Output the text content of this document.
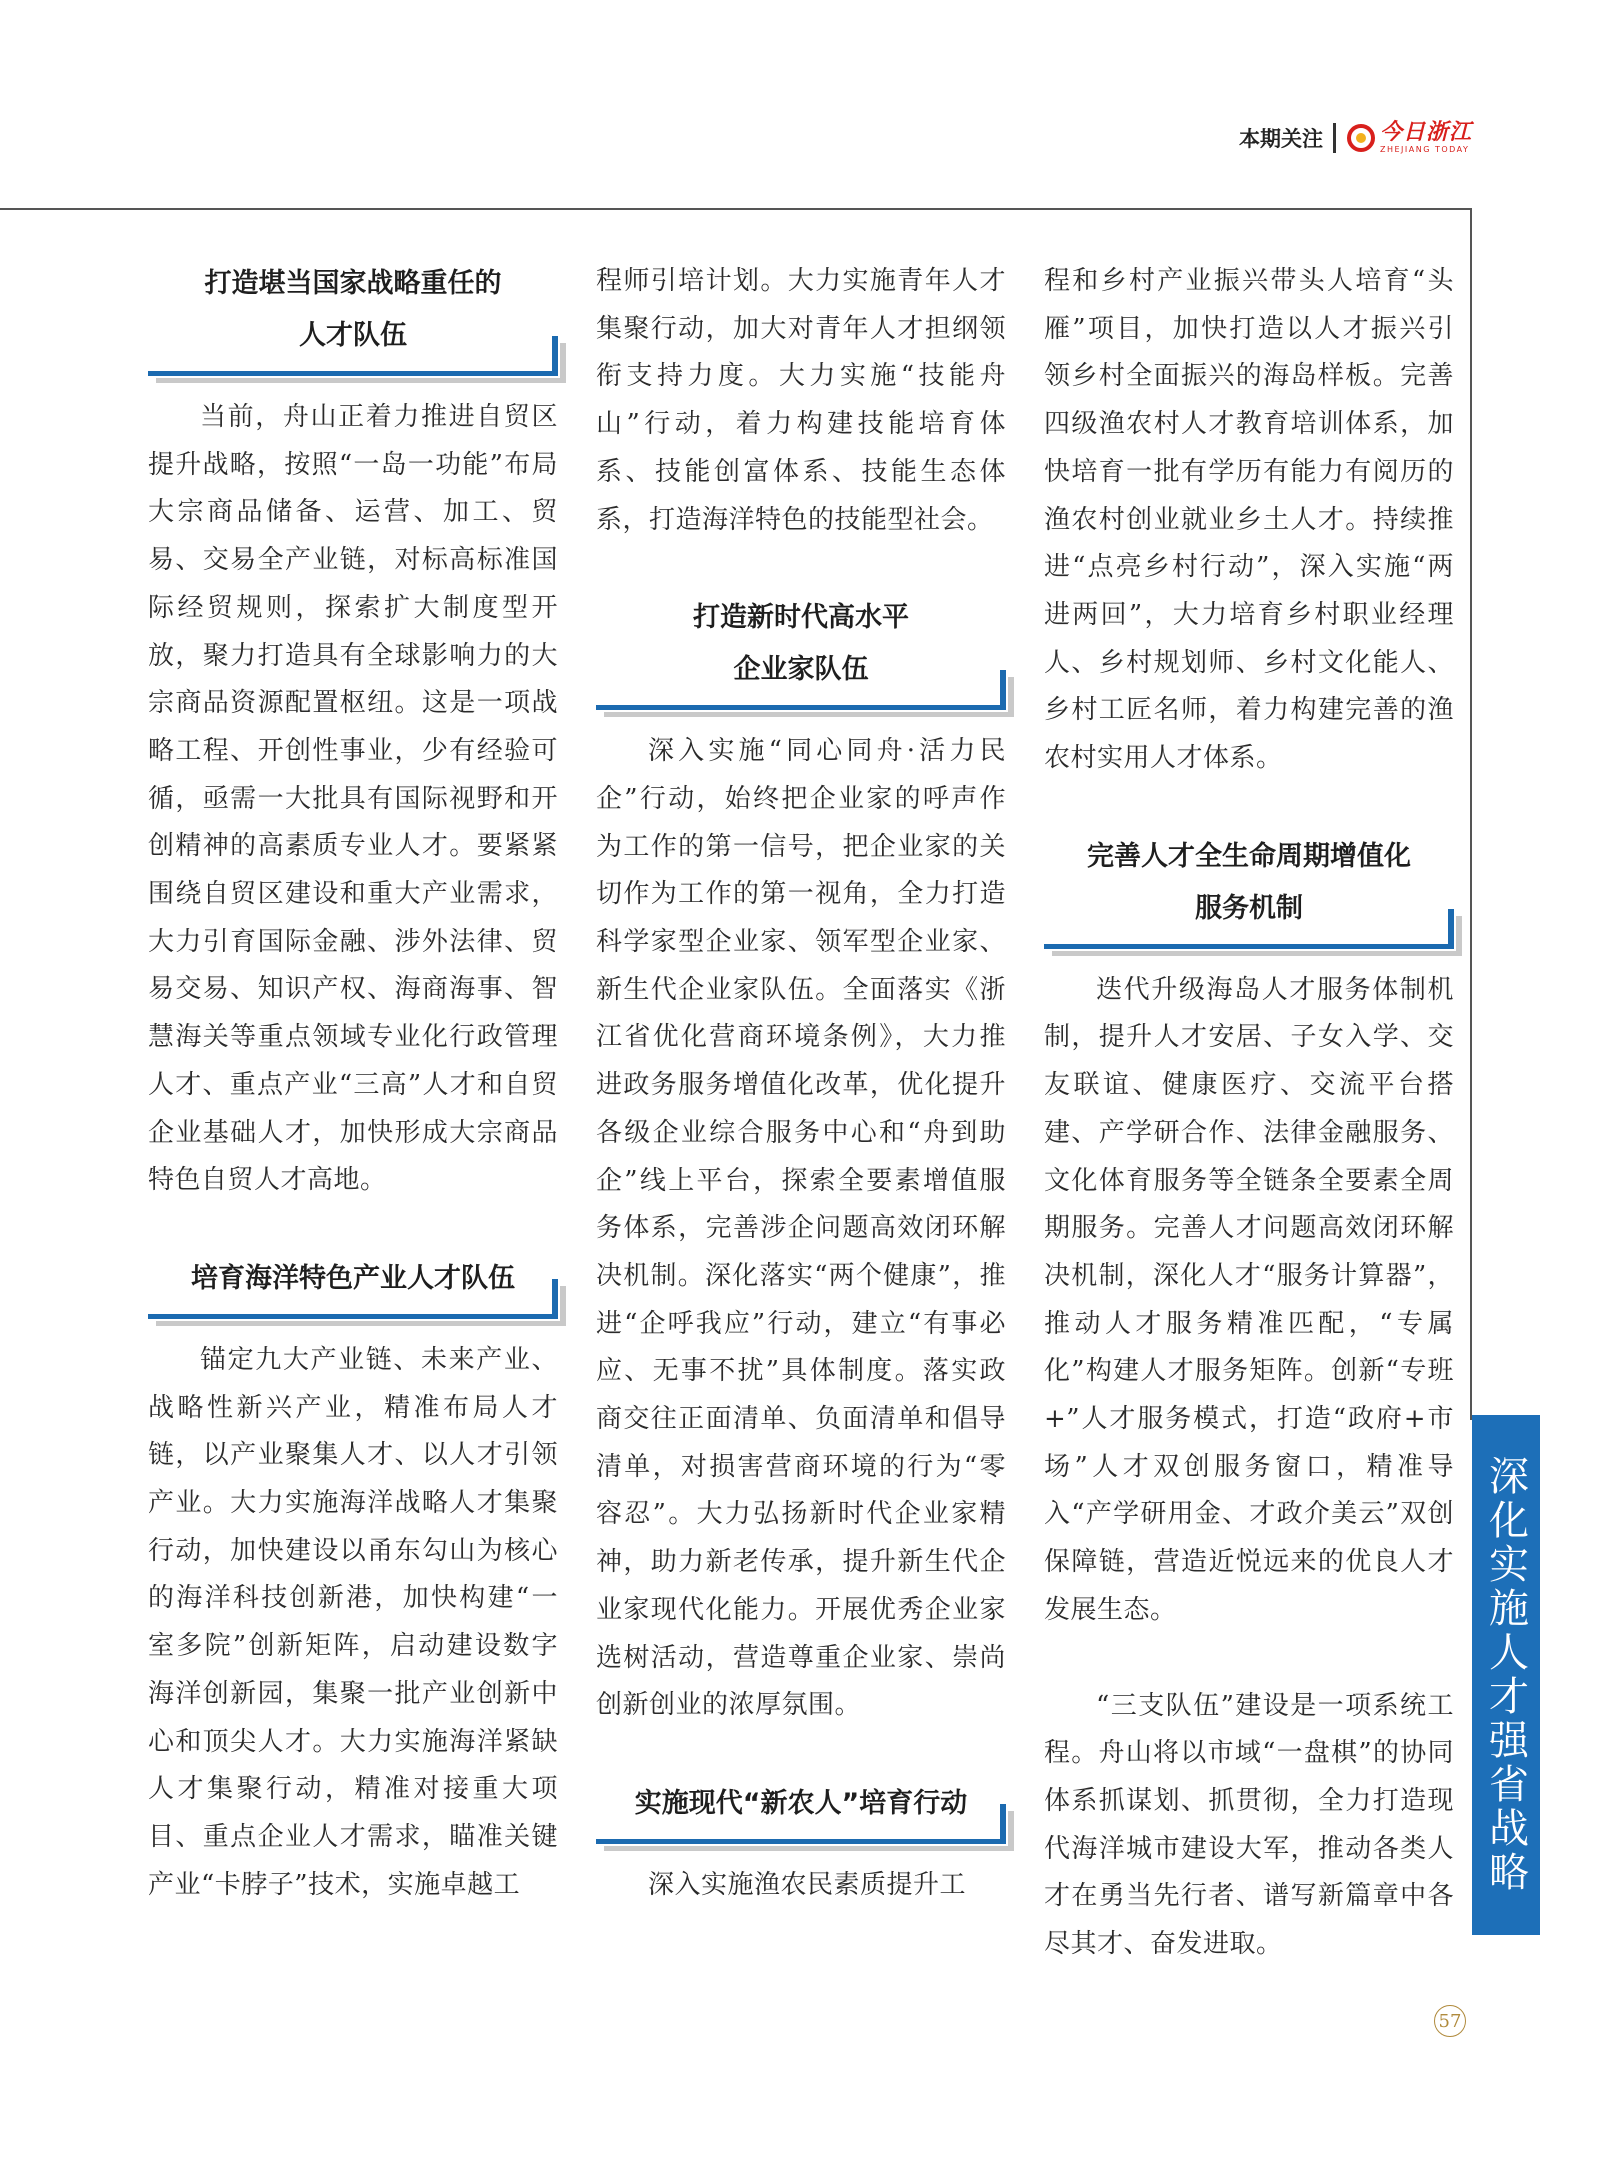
本期关注	今日浙江
ZHEJIANG TODAY
打造堪当国家战略重任的
人才队伍

当前，舟山正着力推进自贸区提升战略，按照“一岛一功能”布局大宗商品储备、运营、加工、贸易、交易全产业链，对标高标准国际经贸规则，探索扩大制度型开放，聚力打造具有全球影响力的大宗商品资源配置枢纽。这是一项战略工程、开创性事业，少有经验可循，亟需一大批具有国际视野和开创精神的高素质专业人才。要紧紧围绕自贸区建设和重大产业需求，大力引育国际金融、涉外法律、贸易交易、知识产权、海商海事、智慧海关等重点领域专业化行政管理人才、重点产业“三高”人才和自贸企业基础人才，加快形成大宗商品特色自贸人才高地。

培育海洋特色产业人才队伍

锚定九大产业链、未来产业、战略性新兴产业，精准布局人才链，以产业聚集人才、以人才引领产业。大力实施海洋战略人才集聚行动，加快建设以甬东勾山为核心的海洋科技创新港，加快构建“一室多院”创新矩阵，启动建设数字海洋创新园，集聚一批产业创新中心和顶尖人才。大力实施海洋紧缺人才集聚行动，精准对接重大项目、重点企业人才需求，瞄准关键产业“卡脖子”技术，实施卓越工

程师引培计划。大力实施青年人才集聚行动，加大对青年人才担纲领衔支持力度。大力实施“技能舟山”行动，着力构建技能培育体系、技能创富体系、技能生态体系，打造海洋特色的技能型社会。

打造新时代高水平
企业家队伍

深入实施“同心同舟·活力民企”行动，始终把企业家的呼声作为工作的第一信号，把企业家的关切作为工作的第一视角，全力打造科学家型企业家、领军型企业家、新生代企业家队伍。全面落实《浙江省优化营商环境条例》，大力推进政务服务增值化改革，优化提升各级企业综合服务中心和“舟到助企”线上平台，探索全要素增值服务体系，完善涉企问题高效闭环解决机制。深化落实“两个健康”，推进“企呼我应”行动，建立“有事必应、无事不扰”具体制度。落实政商交往正面清单、负面清单和倡导清单，对损害营商环境的行为“零容忍”。大力弘扬新时代企业家精神，助力新老传承，提升新生代企业家现代化能力。开展优秀企业家选树活动，营造尊重企业家、崇尚创新创业的浓厚氛围。

实施现代“新农人”培育行动

深入实施渔农民素质提升工

程和乡村产业振兴带头人培育“头雁”项目，加快打造以人才振兴引领乡村全面振兴的海岛样板。完善四级渔农村人才教育培训体系，加快培育一批有学历有能力有阅历的渔农村创业就业乡土人才。持续推进“点亮乡村行动”，深入实施“两进两回”，大力培育乡村职业经理人、乡村规划师、乡村文化能人、乡村工匠名师，着力构建完善的渔农村实用人才体系。

完善人才全生命周期增值化
服务机制

迭代升级海岛人才服务体制机制，提升人才安居、子女入学、交友联谊、健康医疗、交流平台搭建、产学研合作、法律金融服务、文化体育服务等全链条全要素全周期服务。完善人才问题高效闭环解决机制，深化人才“服务计算器”，推动人才服务精准匹配，“专属化”构建人才服务矩阵。创新“专班+”人才服务模式，打造“政府+市场”人才双创服务窗口，精准导入“产学研用金、才政介美云”双创保障链，营造近悦远来的优良人才发展生态。

“三支队伍”建设是一项系统工程。舟山将以市域“一盘棋”的协同体系抓谋划、抓贯彻，全力打造现代海洋城市建设大军，推动各类人才在勇当先行者、谱写新篇章中各尽其才、奋发进取。

深化实施人才强省战略
57
